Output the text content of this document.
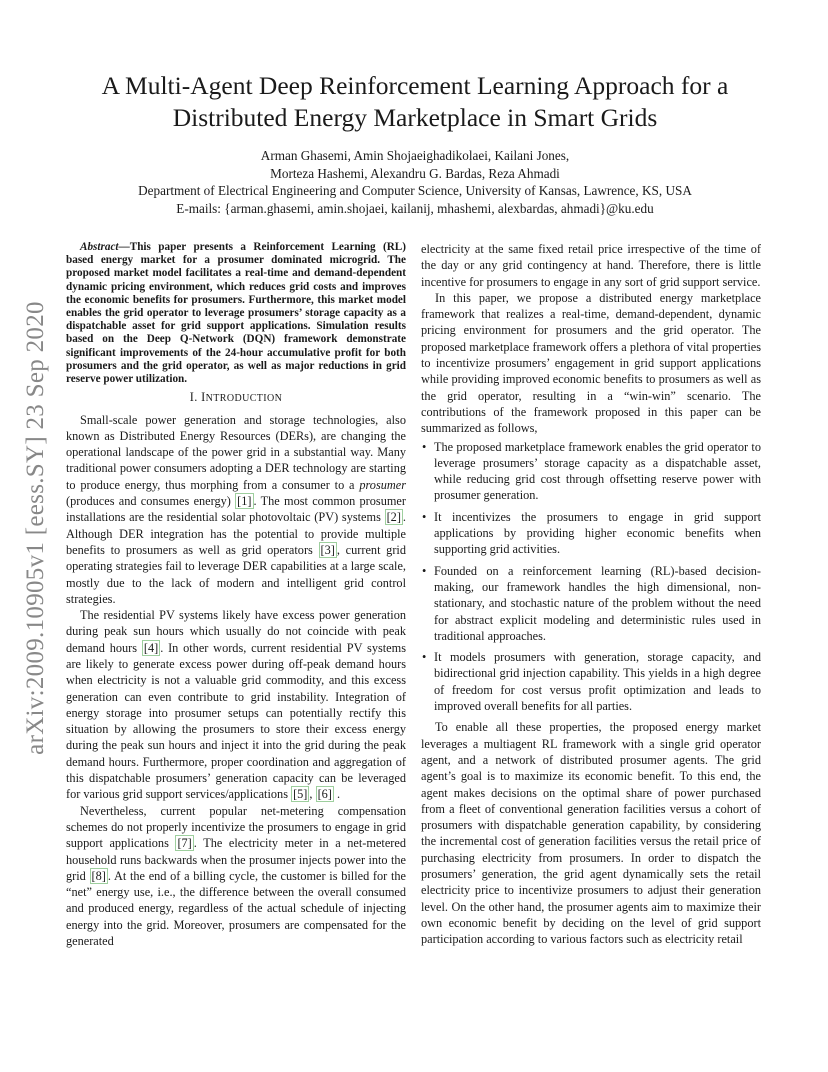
arXiv:2009.10905v1 [eess.SY] 23 Sep 2020
A Multi-Agent Deep Reinforcement Learning Approach for a
Distributed Energy Marketplace in Smart Grids
Arman Ghasemi, Amin Shojaeighadikolaei, Kailani Jones,
Morteza Hashemi, Alexandru G. Bardas, Reza Ahmadi
Department of Electrical Engineering and Computer Science, University of Kansas, Lawrence, KS, USA
E-mails: {arman.ghasemi, amin.shojaei, kailanij, mhashemi, alexbardas, ahmadi}@ku.edu

Abstract—This paper presents a Reinforcement Learning (RL) based energy market for a prosumer dominated microgrid. The proposed market model facilitates a real-time and demand-dependent dynamic pricing environment, which reduces grid costs and improves the economic benefits for prosumers. Furthermore, this market model enables the grid operator to leverage prosumers’ storage capacity as a dispatchable asset for grid support applications. Simulation results based on the Deep Q-Network (DQN) framework demonstrate significant improvements of the 24-hour accumulative profit for both prosumers and the grid operator, as well as major reductions in grid reserve power utilization.

I. INTRODUCTION

Small-scale power generation and storage technologies, also known as Distributed Energy Resources (DERs), are changing the operational landscape of the power grid in a substantial way. Many traditional power consumers adopting a DER technology are starting to produce energy, thus morphing from a consumer to a prosumer (produces and consumes energy) [1] . The most common prosumer installations are the residential solar photovoltaic (PV) systems [2] . Although DER integration has the potential to provide multiple benefits to prosumers as well as grid operators [3] , current grid operating strategies fail to leverage DER capabilities at a large scale, mostly due to the lack of modern and intelligent grid control strategies.

The residential PV systems likely have excess power generation during peak sun hours which usually do not coincide with peak demand hours [4] . In other words, current residential PV systems are likely to generate excess power during off-peak demand hours when electricity is not a valuable grid commodity, and this excess generation can even contribute to grid instability. Integration of energy storage into prosumer setups can potentially rectify this situation by allowing the prosumers to store their excess energy during the peak sun hours and inject it into the grid during the peak demand hours. Furthermore, proper coordination and aggregation of this dispatchable prosumers’ generation capacity can be leveraged for various grid support services/applications [5] , [6] .

Nevertheless, current popular net-metering compensation schemes do not properly incentivize the prosumers to engage in grid support applications [7] . The electricity meter in a net-metered household runs backwards when the prosumer injects power into the grid [8] . At the end of a billing cycle, the customer is billed for the “net” energy use, i.e., the difference between the overall consumed and produced energy, regardless of the actual schedule of injecting energy into the grid. Moreover, prosumers are compensated for the generated

electricity at the same fixed retail price irrespective of the time of the day or any grid contingency at hand. Therefore, there is little incentive for prosumers to engage in any sort of grid support service.

In this paper, we propose a distributed energy marketplace framework that realizes a real-time, demand-dependent, dynamic pricing environment for prosumers and the grid operator. The proposed marketplace framework offers a plethora of vital properties to incentivize prosumers’ engagement in grid support applications while providing improved economic benefits to prosumers as well as the grid operator, resulting in a “win-win” scenario. The contributions of the framework proposed in this paper can be summarized as follows,

• The proposed marketplace framework enables the grid operator to leverage prosumers’ storage capacity as a dispatchable asset, while reducing grid cost through offsetting reserve power with prosumer generation.
• It incentivizes the prosumers to engage in grid support applications by providing higher economic benefits when supporting grid activities.
• Founded on a reinforcement learning (RL)-based decision-making, our framework handles the high dimensional, non-stationary, and stochastic nature of the problem without the need for abstract explicit modeling and deterministic rules used in traditional approaches.
• It models prosumers with generation, storage capacity, and bidirectional grid injection capability. This yields in a high degree of freedom for cost versus profit optimization and leads to improved overall benefits for all parties.

To enable all these properties, the proposed energy market leverages a multiagent RL framework with a single grid operator agent, and a network of distributed prosumer agents. The grid agent’s goal is to maximize its economic benefit. To this end, the agent makes decisions on the optimal share of power purchased from a fleet of conventional generation facilities versus a cohort of prosumers with dispatchable generation capability, by considering the incremental cost of generation facilities versus the retail price of purchasing electricity from prosumers. In order to dispatch the prosumers’ generation, the grid agent dynamically sets the retail electricity price to incentivize prosumers to adjust their generation level. On the other hand, the prosumer agents aim to maximize their own economic benefit by deciding on the level of grid support participation according to various factors such as electricity retail
